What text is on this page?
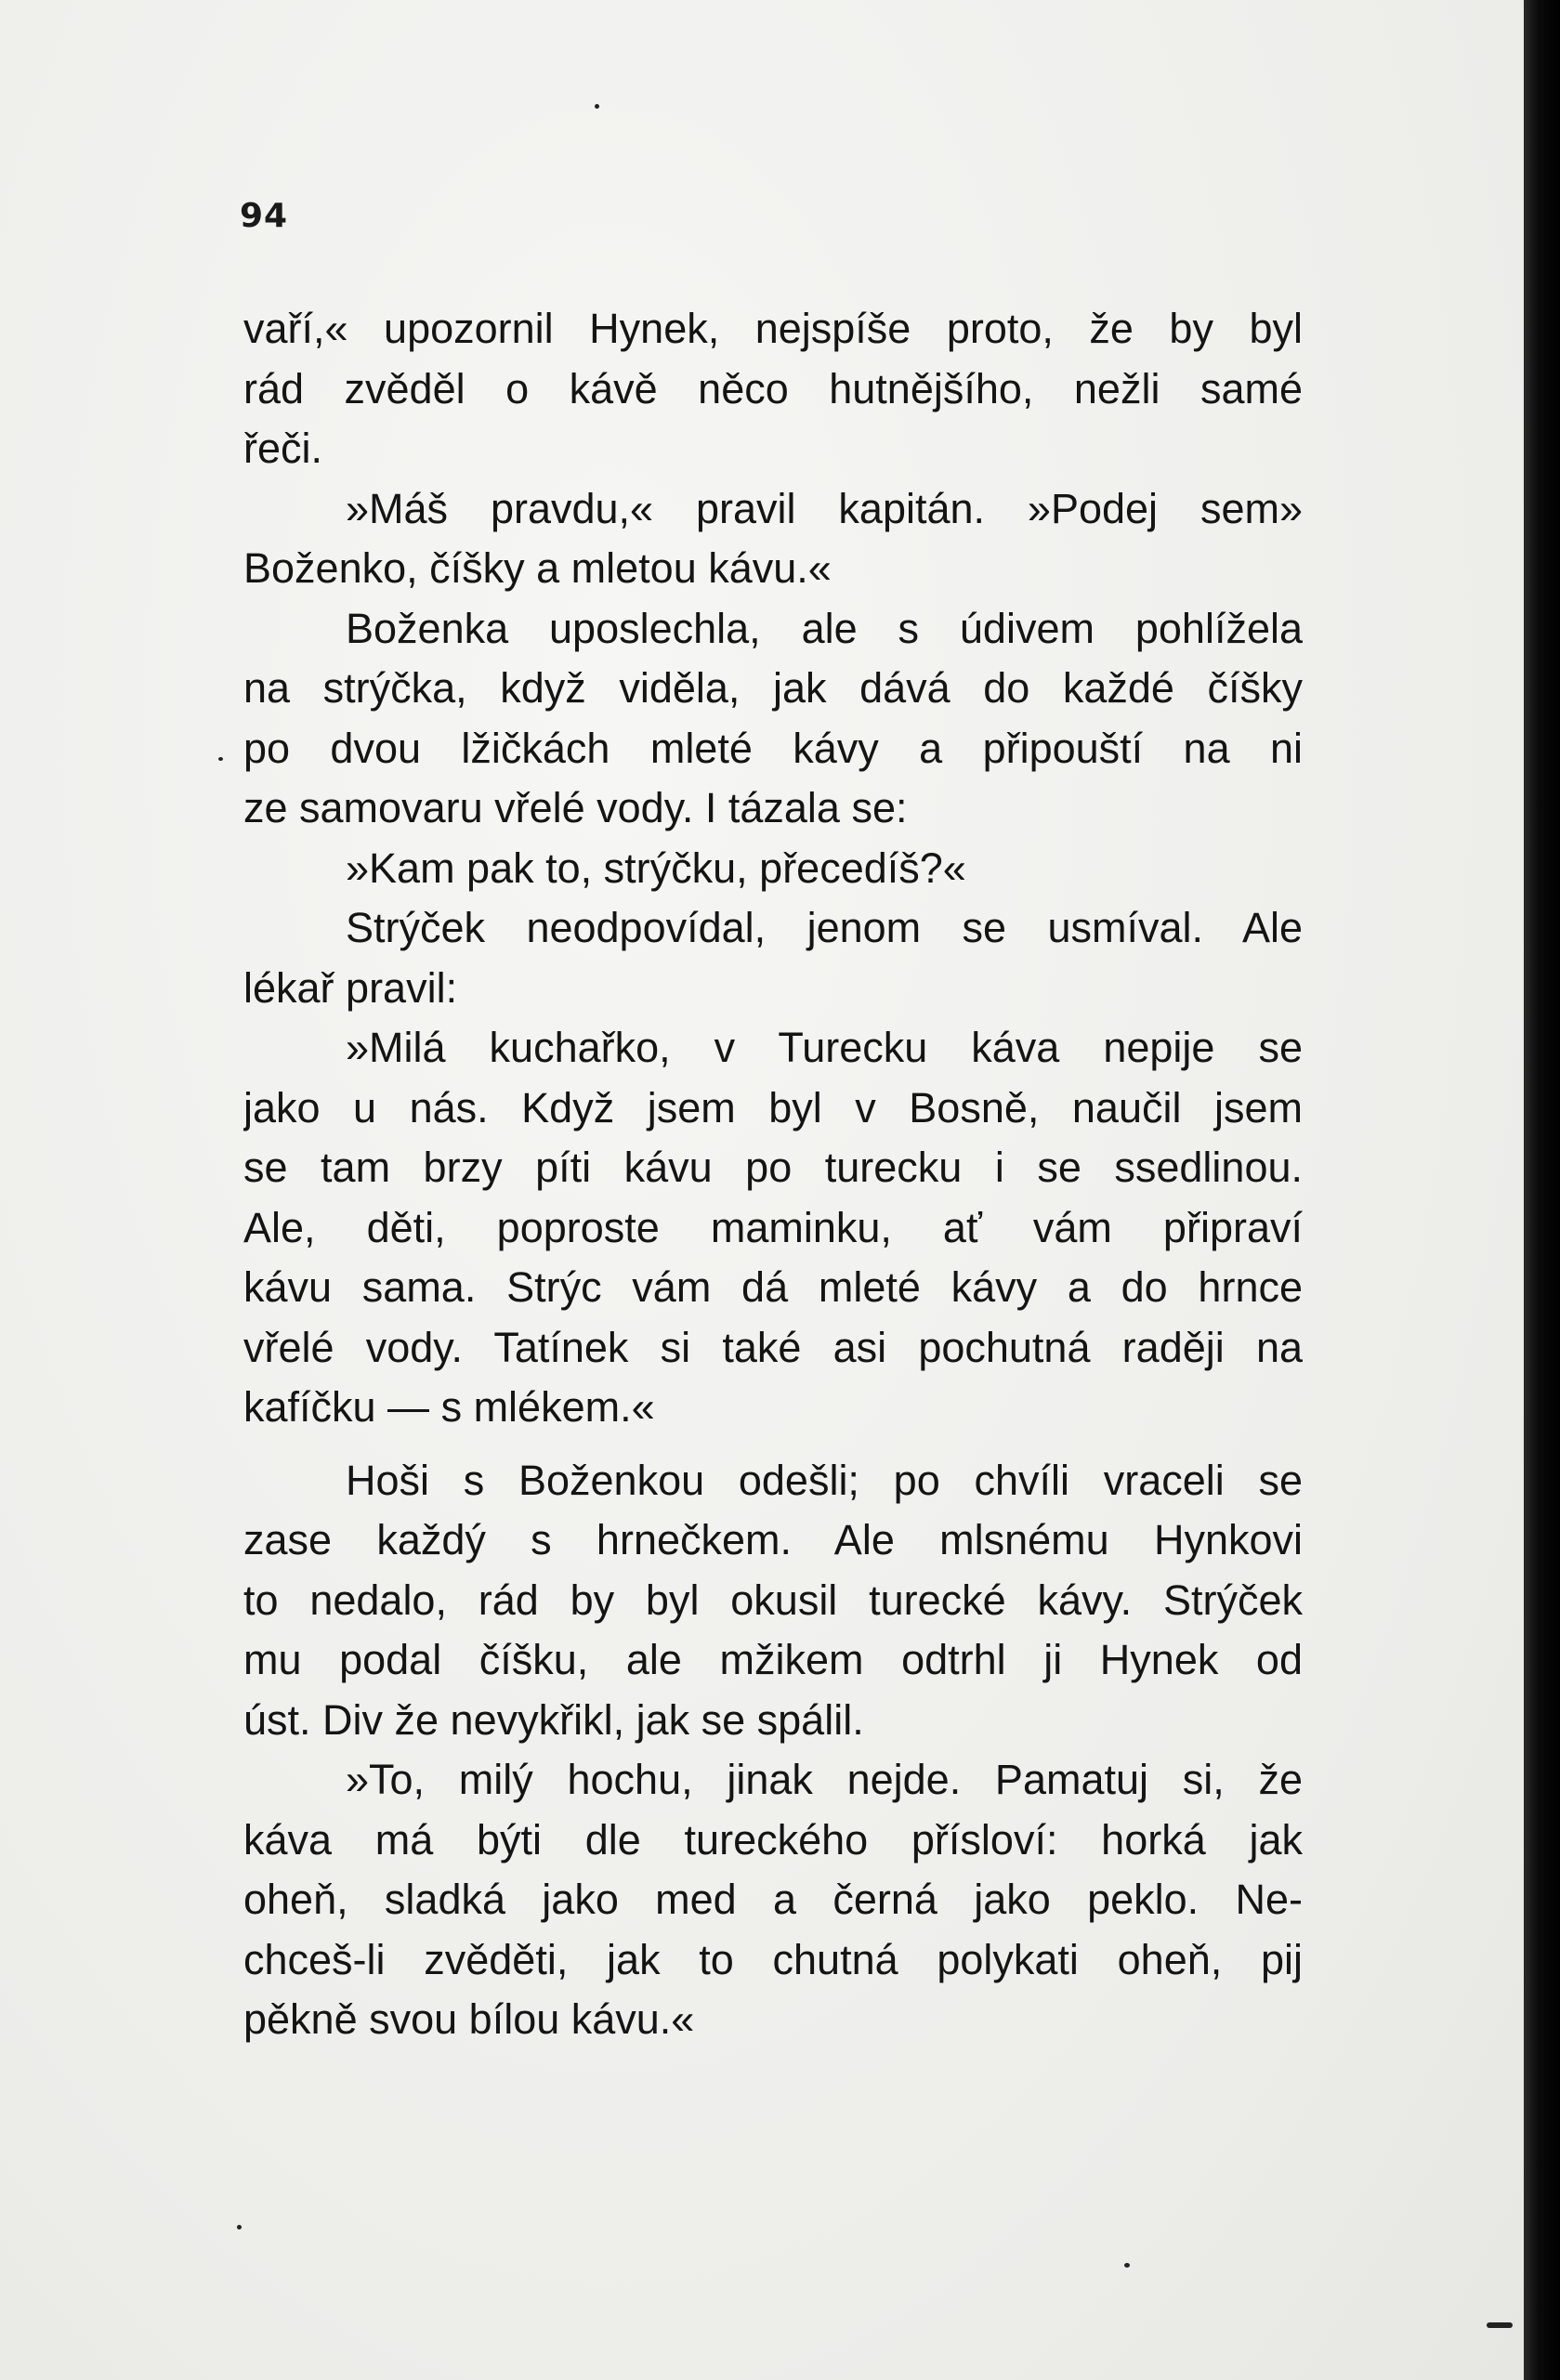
94
vaří,« upozornil Hynek, nejspíše proto, že by byl
rád zvěděl o kávě něco hutnějšího, nežli samé
řeči.
»Máš pravdu,« pravil kapitán. »Podej sem»
Boženko, číšky a mletou kávu.«
Boženka uposlechla, ale s údivem pohlížela
na strýčka, když viděla, jak dává do každé číšky
po dvou lžičkách mleté kávy a připouští na ni
ze samovaru vřelé vody. I tázala se:
»Kam pak to, strýčku, přecedíš?«
Strýček neodpovídal, jenom se usmíval. Ale
lékař pravil:
»Milá kuchařko, v Turecku káva nepije se
jako u nás. Když jsem byl v Bosně, naučil jsem
se tam brzy píti kávu po turecku i se ssedlinou.
Ale, děti, poproste maminku, ať vám připraví
kávu sama. Strýc vám dá mleté kávy a do hrnce
vřelé vody. Tatínek si také asi pochutná raději na
kafíčku — s mlékem.«
Hoši s Boženkou odešli; po chvíli vraceli se
zase každý s hrnečkem. Ale mlsnému Hynkovi
to nedalo, rád by byl okusil turecké kávy. Strýček
mu podal číšku, ale mžikem odtrhl ji Hynek od
úst. Div že nevykřikl, jak se spálil.
»To, milý hochu, jinak nejde. Pamatuj si, že
káva má býti dle tureckého přísloví: horká jak
oheň, sladká jako med a černá jako peklo. Ne-
chceš-li zvěděti, jak to chutná polykati oheň, pij
pěkně svou bílou kávu.«
